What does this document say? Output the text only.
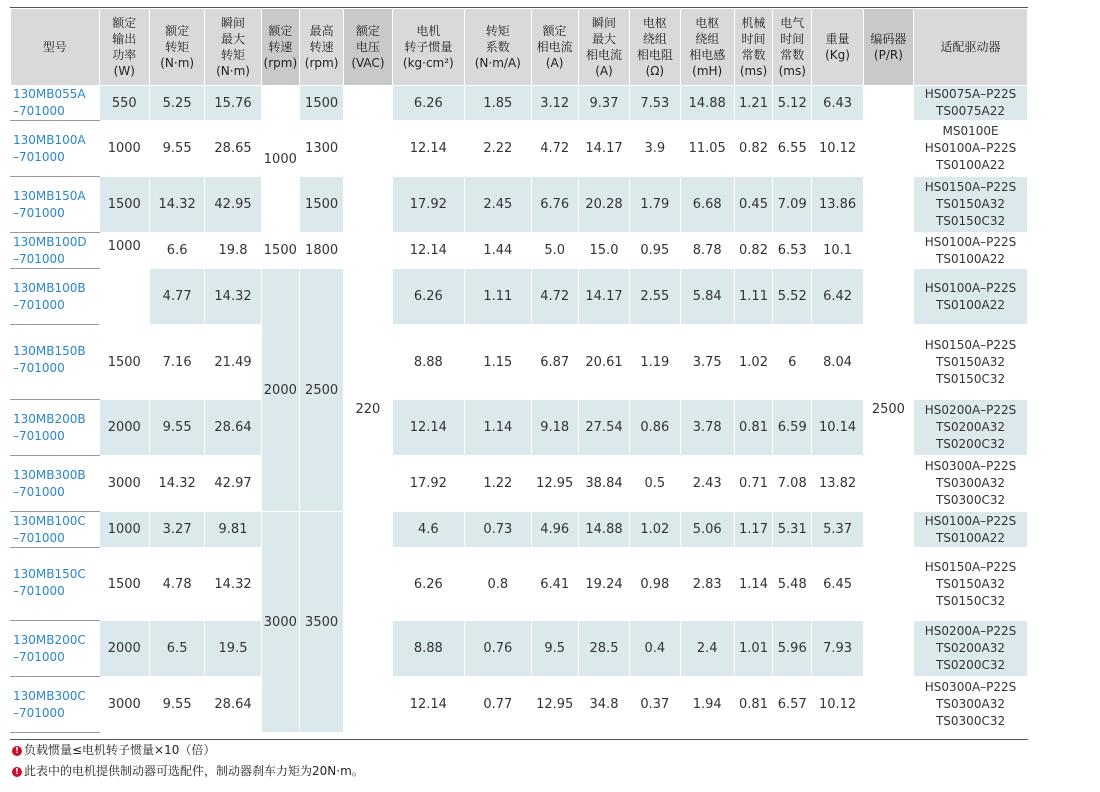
型号	额定
输出
功率
(W)	额定
转矩
(N·m)	瞬间
最大
转矩
(N·m)	额定
转速
(rpm)	最高
转速
(rpm)	额定
电压
(VAC)	电机
转子惯量
(kg·cm²)	转矩
系数
(N·m/A)	额定
相电流
(A)	瞬间
最大
相电流
(A)	电枢
绕组
相电阻
(Ω)	电枢
绕组
相电感
(mH)	机械
时间
常数
(ms)	电气
时间
常数
(ms)	重量
(Kg)	编码器
(P/R)	适配驱动器
130MB055A
–701000	550	5.25	15.76	1000	1500	220	6.26	1.85	3.12	9.37	7.53	14.88	1.21	5.12	6.43	2500	HS0075A–P22S
TS0075A22
130MB100A
–701000	1000	9.55	28.65		1300		12.14	2.22	4.72	14.17	3.9	11.05	0.82	6.55	10.12		MS0100E
HS0100A–P22S
TS0100A22
130MB150A
–701000	1500	14.32	42.95		1500		17.92	2.45	6.76	20.28	1.79	6.68	0.45	7.09	13.86		HS0150A–P22S
TS0150A32
TS0150C32
130MB100D
–701000	1000	6.6	19.8	1500	1800		12.14	1.44	5.0	15.0	0.95	8.78	0.82	6.53	10.1		HS0100A–P22S
TS0100A22
130MB100B
–701000		4.77	14.32	2000	2500		6.26	1.11	4.72	14.17	2.55	5.84	1.11	5.52	6.42		HS0100A–P22S
TS0100A22
130MB150B
–701000	1500	7.16	21.49				8.88	1.15	6.87	20.61	1.19	3.75	1.02	6	8.04		HS0150A–P22S
TS0150A32
TS0150C32
130MB200B
–701000	2000	9.55	28.64				12.14	1.14	9.18	27.54	0.86	3.78	0.81	6.59	10.14		HS0200A–P22S
TS0200A32
TS0200C32
130MB300B
–701000	3000	14.32	42.97				17.92	1.22	12.95	38.84	0.5	2.43	0.71	7.08	13.82		HS0300A–P22S
TS0300A32
TS0300C32
130MB100C
–701000	1000	3.27	9.81	3000	3500		4.6	0.73	4.96	14.88	1.02	5.06	1.17	5.31	5.37		HS0100A–P22S
TS0100A22
130MB150C
–701000	1500	4.78	14.32				6.26	0.8	6.41	19.24	0.98	2.83	1.14	5.48	6.45		HS0150A–P22S
TS0150A32
TS0150C32
130MB200C
–701000	2000	6.5	19.5				8.88	0.76	9.5	28.5	0.4	2.4	1.01	5.96	7.93		HS0200A–P22S
TS0200A32
TS0200C32
130MB300C
–701000	3000	9.55	28.64				12.14	0.77	12.95	34.8	0.37	1.94	0.81	6.57	10.12		HS0300A–P22S
TS0300A32
TS0300C32
! 负载惯量≤电机转子惯量×10（倍）
! 此表中的电机提供制动器可选配件，制动器刹车力矩为20N·m。
